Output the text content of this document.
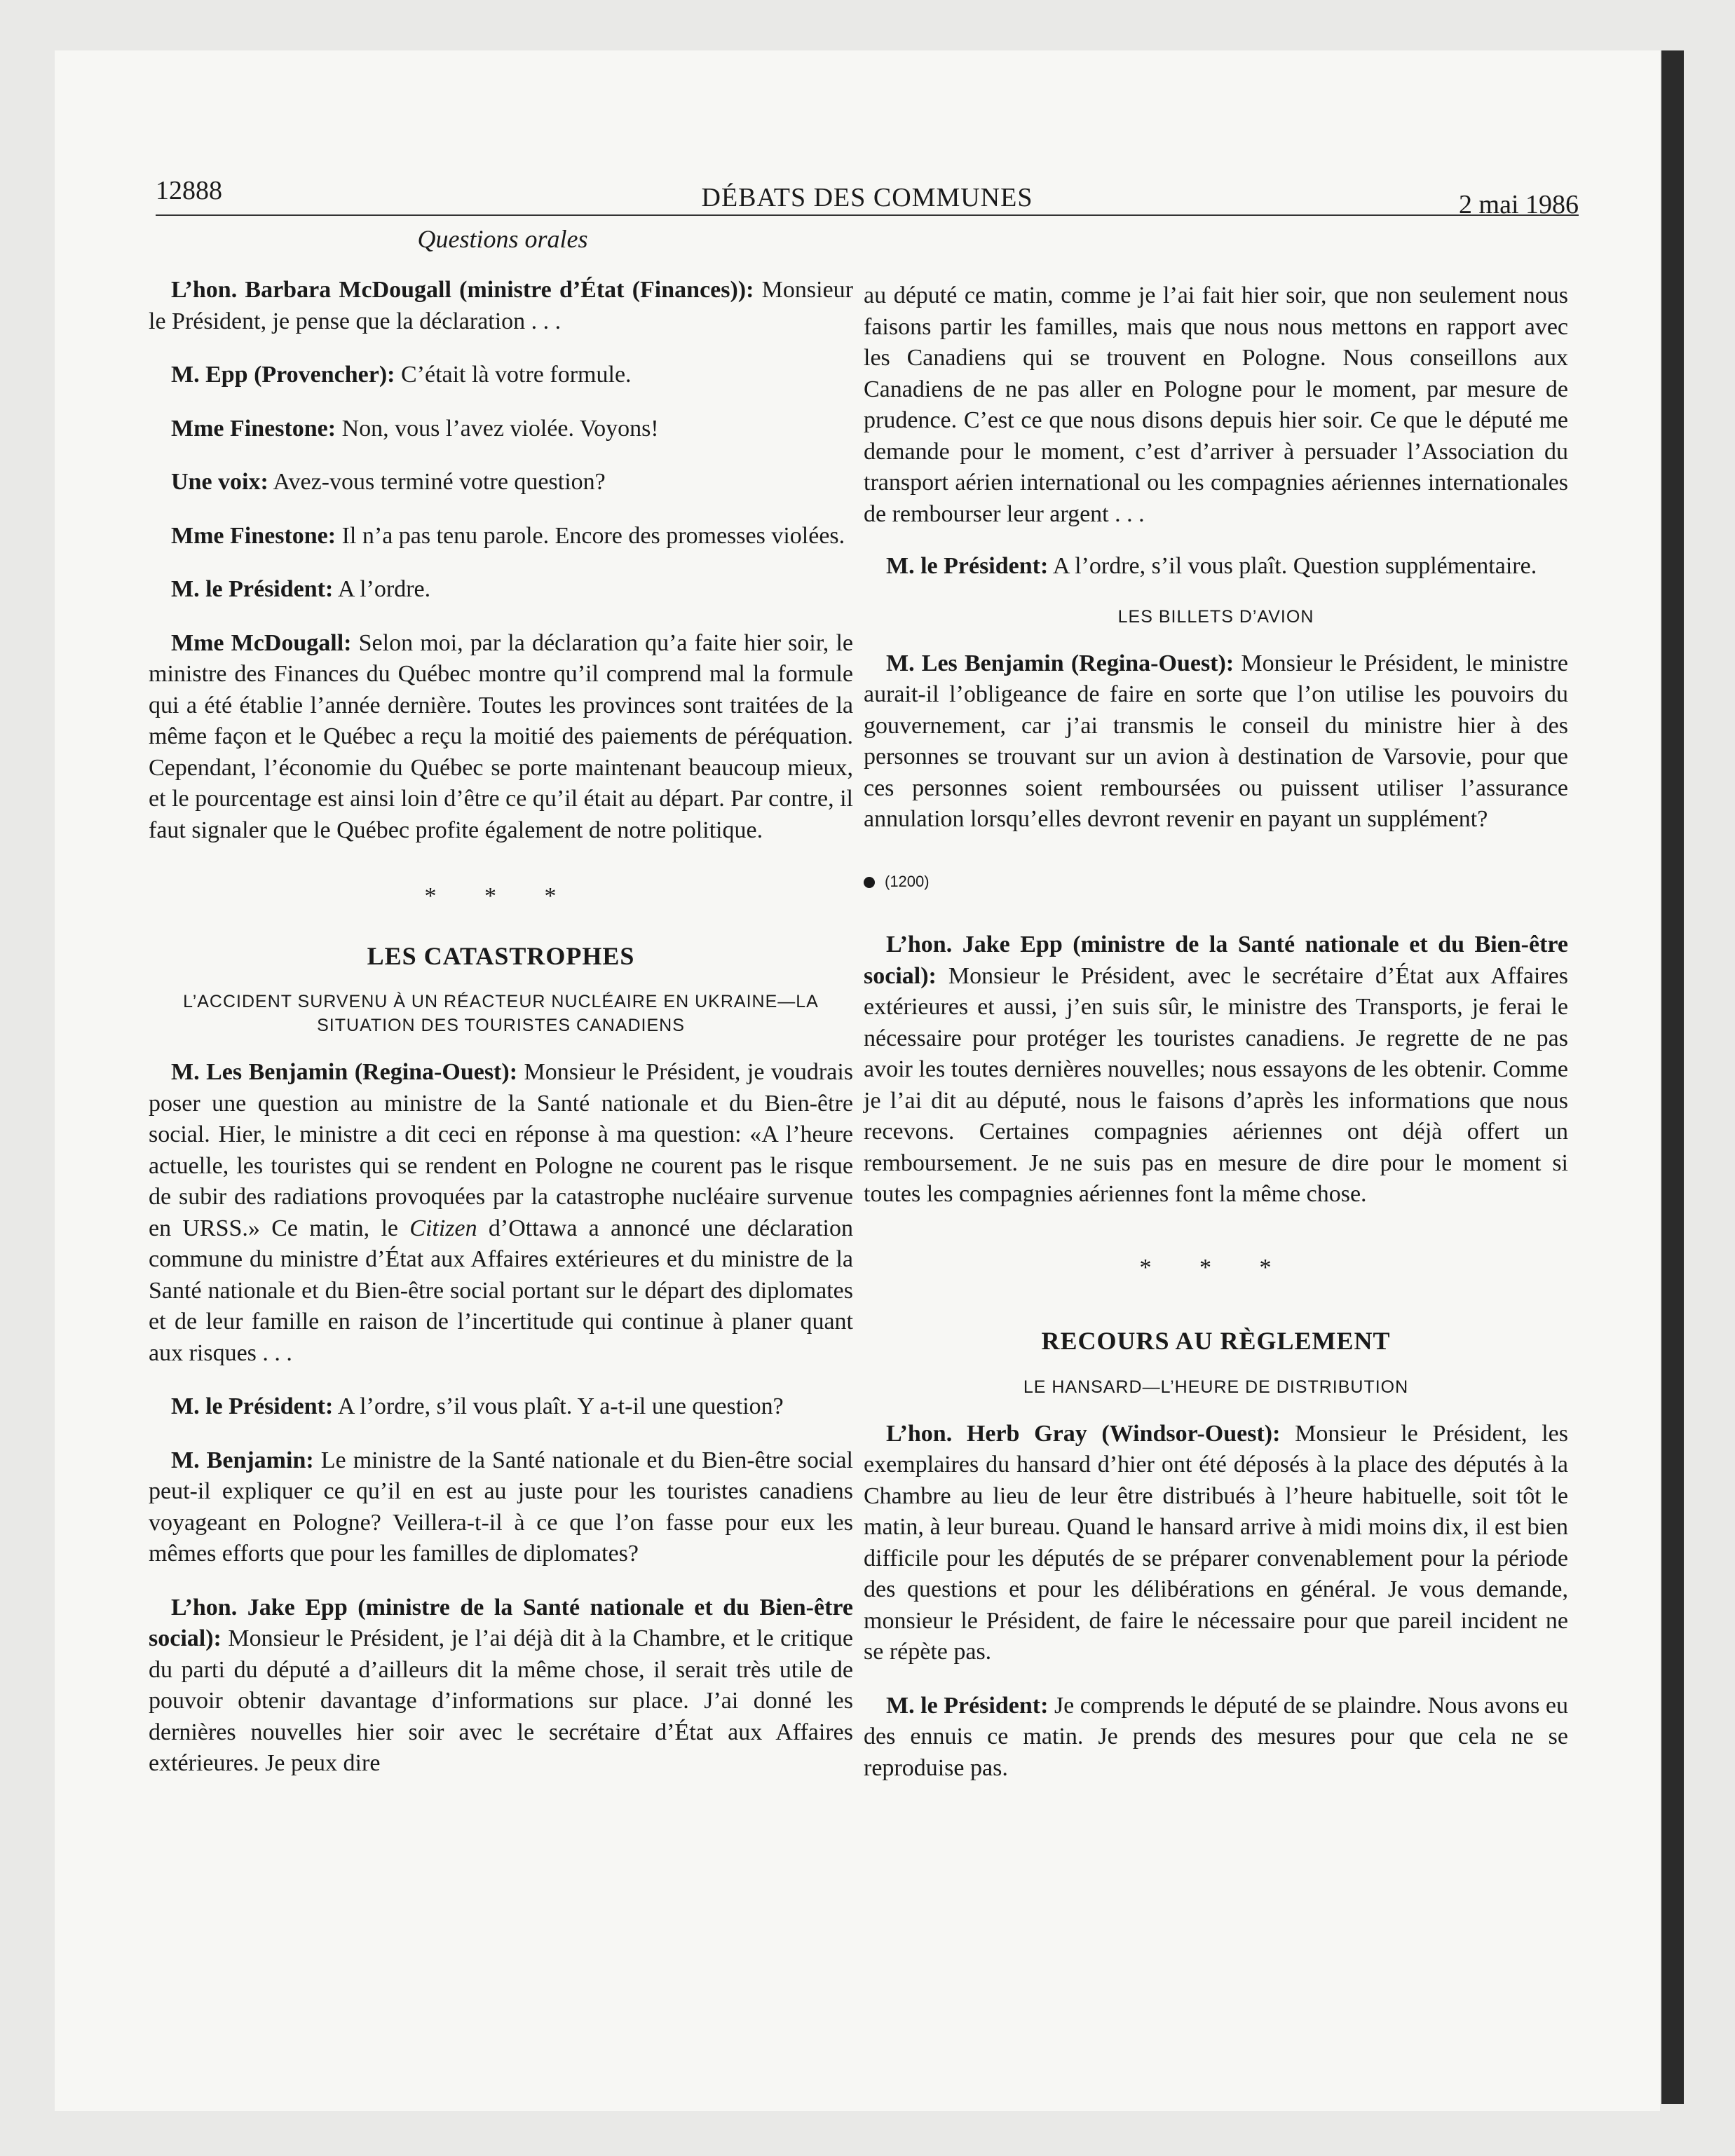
12888	DÉBATS DES COMMUNES	2 mai 1986
Questions orales

L’hon. Barbara McDougall (ministre d’État (Finances)): Monsieur le Président, je pense que la déclaration . . .

M. Epp (Provencher): C’était là votre formule.

Mme Finestone: Non, vous l’avez violée. Voyons!

Une voix: Avez-vous terminé votre question?

Mme Finestone: Il n’a pas tenu parole. Encore des promesses violées.

M. le Président: A l’ordre.

Mme McDougall: Selon moi, par la déclaration qu’a faite hier soir, le ministre des Finances du Québec montre qu’il comprend mal la formule qui a été établie l’année dernière. Toutes les provinces sont traitées de la même façon et le Québec a reçu la moitié des paiements de péréquation. Cependant, l’économie du Québec se porte maintenant beaucoup mieux, et le pourcentage est ainsi loin d’être ce qu’il était au départ. Par contre, il faut signaler que le Québec profite également de notre politique.

* * *
LES CATASTROPHES
L’ACCIDENT SURVENU À UN RÉACTEUR NUCLÉAIRE EN UKRAINE—LA SITUATION DES TOURISTES CANADIENS

M. Les Benjamin (Regina-Ouest): Monsieur le Président, je voudrais poser une question au ministre de la Santé nationale et du Bien-être social. Hier, le ministre a dit ceci en réponse à ma question: «A l’heure actuelle, les touristes qui se rendent en Pologne ne courent pas le risque de subir des radiations provoquées par la catastrophe nucléaire survenue en URSS.» Ce matin, le Citizen d’Ottawa a annoncé une déclaration commune du ministre d’État aux Affaires extérieures et du ministre de la Santé nationale et du Bien-être social portant sur le départ des diplomates et de leur famille en raison de l’incertitude qui continue à planer quant aux risques . . .

M. le Président: A l’ordre, s’il vous plaît. Y a-t-il une question?

M. Benjamin: Le ministre de la Santé nationale et du Bien-être social peut-il expliquer ce qu’il en est au juste pour les touristes canadiens voyageant en Pologne? Veillera-t-il à ce que l’on fasse pour eux les mêmes efforts que pour les familles de diplomates?

L’hon. Jake Epp (ministre de la Santé nationale et du Bien-être social): Monsieur le Président, je l’ai déjà dit à la Chambre, et le critique du parti du député a d’ailleurs dit la même chose, il serait très utile de pouvoir obtenir davantage d’informations sur place. J’ai donné les dernières nouvelles hier soir avec le secrétaire d’État aux Affaires extérieures. Je peux dire

au député ce matin, comme je l’ai fait hier soir, que non seulement nous faisons partir les familles, mais que nous nous mettons en rapport avec les Canadiens qui se trouvent en Pologne. Nous conseillons aux Canadiens de ne pas aller en Pologne pour le moment, par mesure de prudence. C’est ce que nous disons depuis hier soir. Ce que le député me demande pour le moment, c’est d’arriver à persuader l’Association du transport aérien international ou les compagnies aériennes internationales de rembourser leur argent . . .

M. le Président: A l’ordre, s’il vous plaît. Question supplémentaire.

LES BILLETS D’AVION

M. Les Benjamin (Regina-Ouest): Monsieur le Président, le ministre aurait-il l’obligeance de faire en sorte que l’on utilise les pouvoirs du gouvernement, car j’ai transmis le conseil du ministre hier à des personnes se trouvant sur un avion à destination de Varsovie, pour que ces personnes soient remboursées ou puissent utiliser l’assurance annulation lorsqu’elles devront revenir en payant un supplément?

(1200)

L’hon. Jake Epp (ministre de la Santé nationale et du Bien-être social): Monsieur le Président, avec le secrétaire d’État aux Affaires extérieures et aussi, j’en suis sûr, le ministre des Transports, je ferai le nécessaire pour protéger les touristes canadiens. Je regrette de ne pas avoir les toutes dernières nouvelles; nous essayons de les obtenir. Comme je l’ai dit au député, nous le faisons d’après les informations que nous recevons. Certaines compagnies aériennes ont déjà offert un remboursement. Je ne suis pas en mesure de dire pour le moment si toutes les compagnies aériennes font la même chose.

* * *
RECOURS AU RÈGLEMENT
LE HANSARD—L’HEURE DE DISTRIBUTION

L’hon. Herb Gray (Windsor-Ouest): Monsieur le Président, les exemplaires du hansard d’hier ont été déposés à la place des députés à la Chambre au lieu de leur être distribués à l’heure habituelle, soit tôt le matin, à leur bureau. Quand le hansard arrive à midi moins dix, il est bien difficile pour les députés de se préparer convenablement pour la période des questions et pour les délibérations en général. Je vous demande, monsieur le Président, de faire le nécessaire pour que pareil incident ne se répète pas.

M. le Président: Je comprends le député de se plaindre. Nous avons eu des ennuis ce matin. Je prends des mesures pour que cela ne se reproduise pas.
